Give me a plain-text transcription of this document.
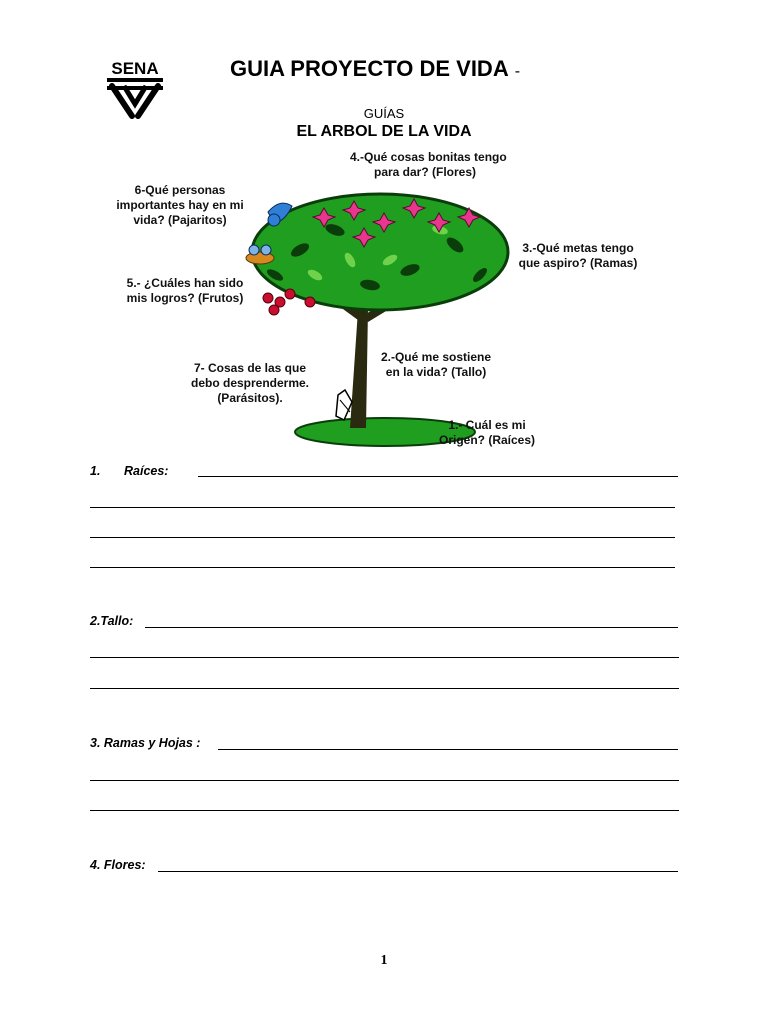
SENA	GUIA PROYECTO DE VIDA -
GUÍAS
EL ARBOL DE LA VIDA
4.-Qué cosas bonitas tengo
para dar? (Flores)
6-Qué personas
importantes hay en mi
vida? (Pajaritos)
3.-Qué metas tengo
que aspiro? (Ramas)
5.- ¿Cuáles han sido
mis logros? (Frutos)
7- Cosas de las que
debo desprenderme.
(Parásitos).
2.-Qué me sostiene
en la vida? (Tallo)
1.- Cuál es mi
Origen? (Raíces)
1. Raíces:
2.Tallo:
3. Ramas y Hojas :
4. Flores:
1
